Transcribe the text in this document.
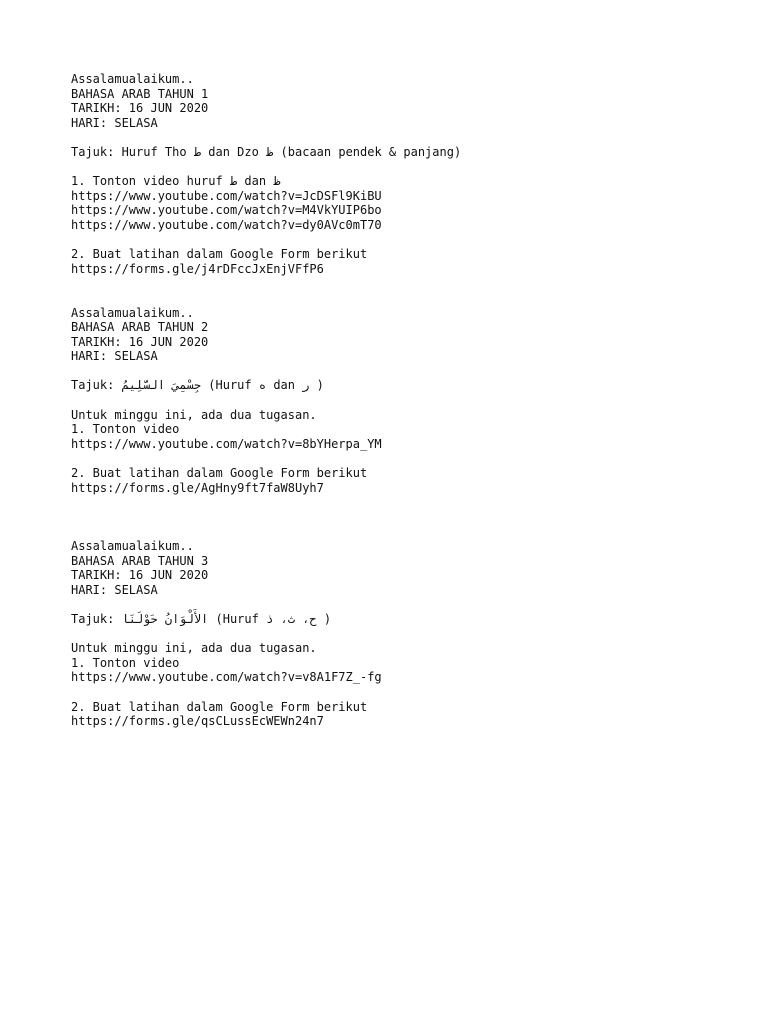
Assalamualaikum..
BAHASA ARAB TAHUN 1
TARIKH: 16 JUN 2020
HARI: SELASA
Tajuk: Huruf Tho ط dan Dzo ظ (bacaan pendek & panjang)
1. Tonton video huruf ط dan ظ
https://www.youtube.com/watch?v=JcDSFl9KiBU
https://www.youtube.com/watch?v=M4VkYUIP6bo
https://www.youtube.com/watch?v=dy0AVc0mT70
2. Buat latihan dalam Google Form berikut
https://forms.gle/j4rDFccJxEnjVFfP6
Assalamualaikum..
BAHASA ARAB TAHUN 2
TARIKH: 16 JUN 2020
HARI: SELASA
Tajuk: جِسْمِيَ السَّلِيمُ (Huruf ه dan ر )
Untuk minggu ini, ada dua tugasan.
1. Tonton video
https://www.youtube.com/watch?v=8bYHerpa_YM
2. Buat latihan dalam Google Form berikut
https://forms.gle/AgHny9ft7faW8Uyh7
Assalamualaikum..
BAHASA ARAB TAHUN 3
TARIKH: 16 JUN 2020
HARI: SELASA
Tajuk: الأَلْوَانُ حَوْلَنَا (Huruf ح، ث، ذ )
Untuk minggu ini, ada dua tugasan.
1. Tonton video
https://www.youtube.com/watch?v=v8A1F7Z_-fg
2. Buat latihan dalam Google Form berikut
https://forms.gle/qsCLussEcWEWn24n7
